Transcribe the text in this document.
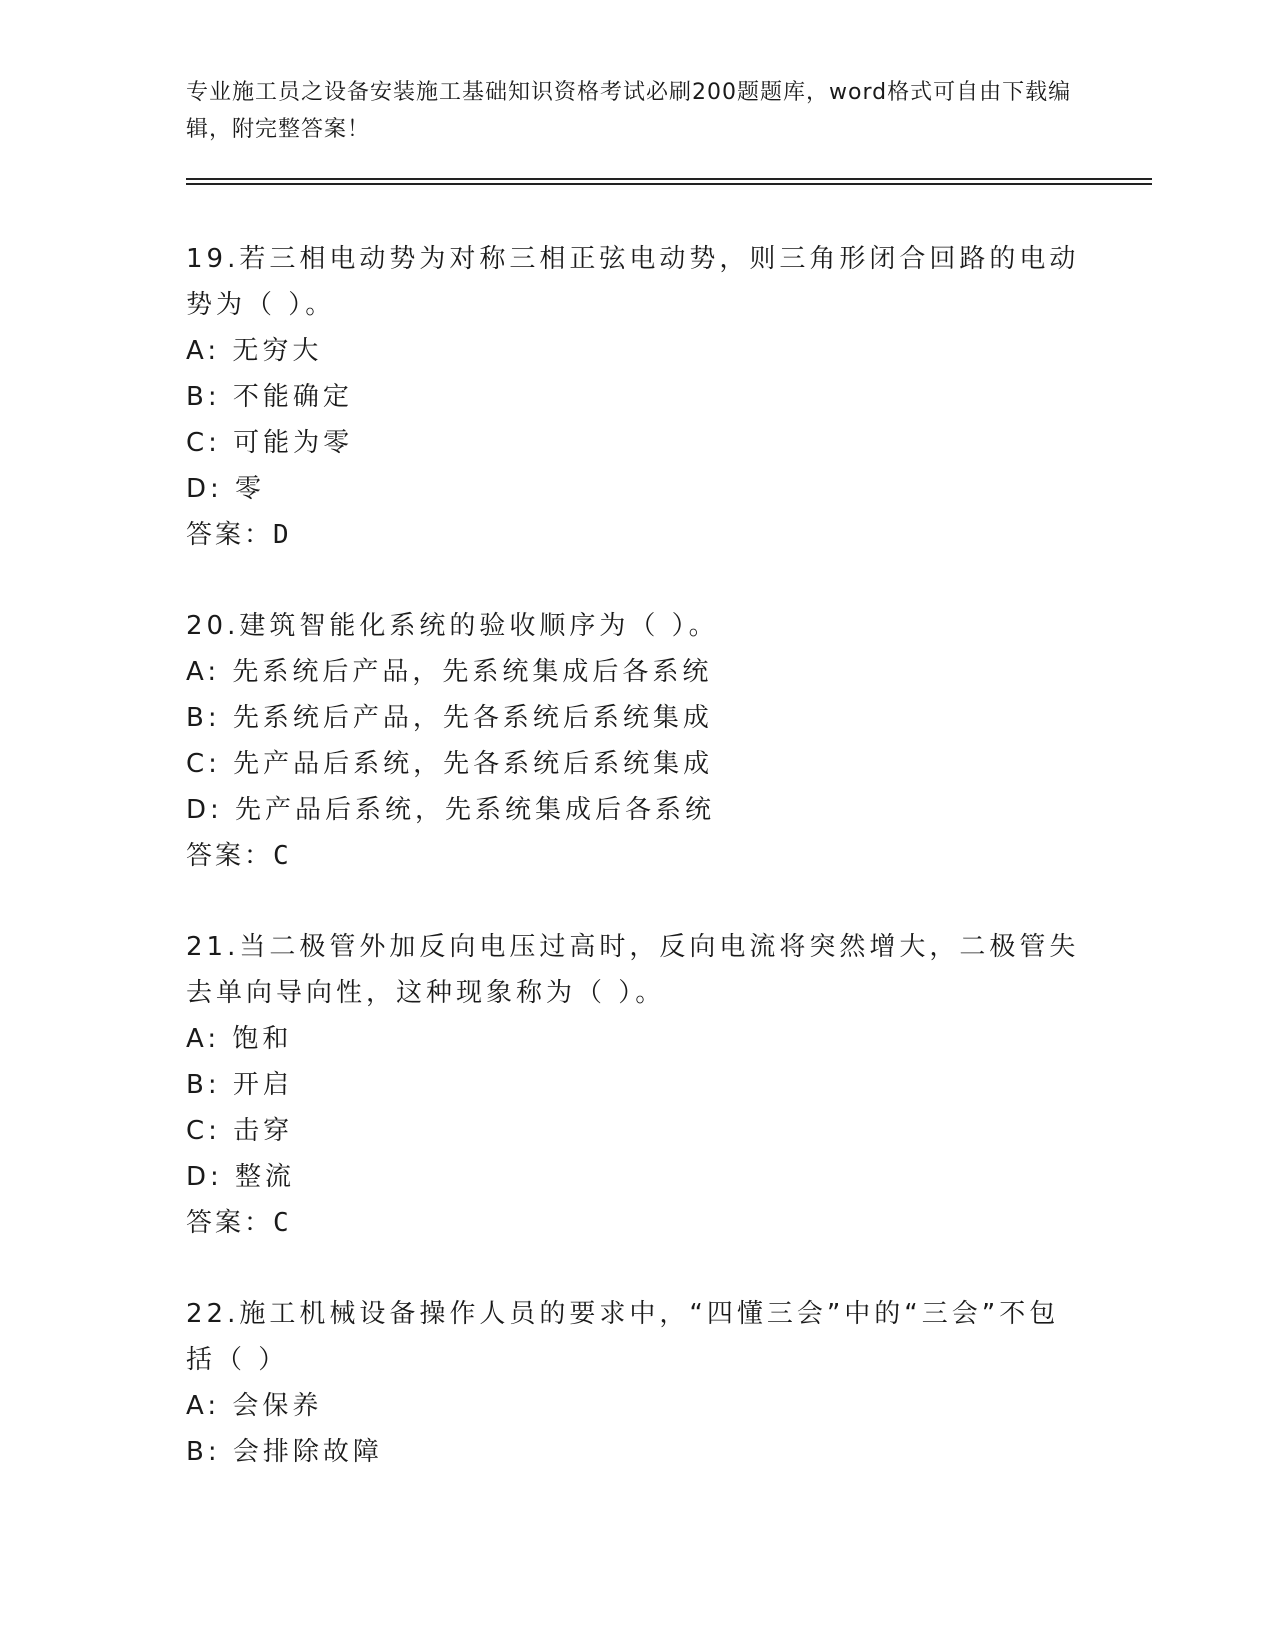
专业施工员之设备安装施工基础知识资格考试必刷200题题库，word格式可自由下载编辑，附完整答案！
19.若三相电动势为对称三相正弦电动势，则三角形闭合回路的电动势为（ ）。
A: 无穷大
B: 不能确定
C: 可能为零
D: 零
答案：D
20.建筑智能化系统的验收顺序为（ ）。
A: 先系统后产品，先系统集成后各系统
B: 先系统后产品，先各系统后系统集成
C: 先产品后系统，先各系统后系统集成
D: 先产品后系统，先系统集成后各系统
答案：C
21.当二极管外加反向电压过高时，反向电流将突然增大，二极管失去单向导向性，这种现象称为（ ）。
A: 饱和
B: 开启
C: 击穿
D: 整流
答案：C
22.施工机械设备操作人员的要求中，“四懂三会”中的“三会”不包括（ ）
A: 会保养
B: 会排除故障
